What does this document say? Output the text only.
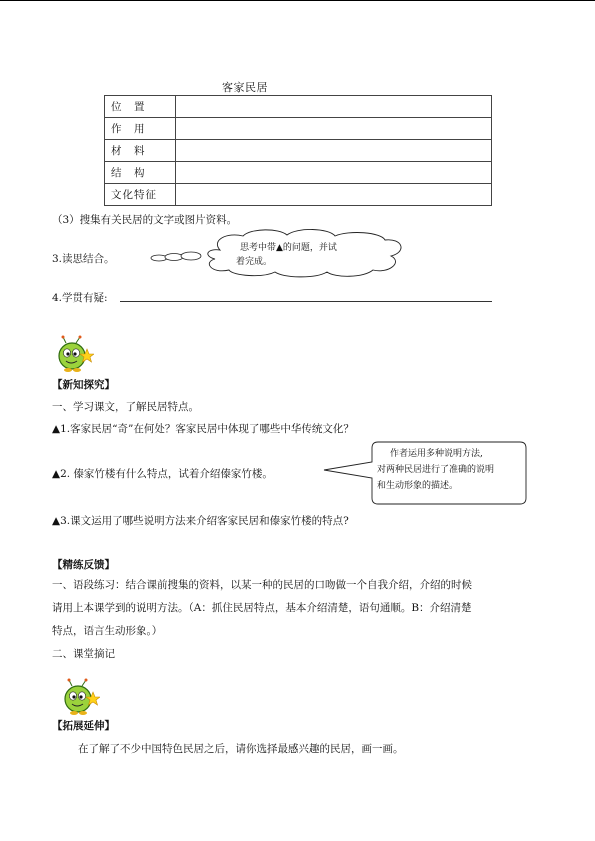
客家民居
位　置	
作　用	
材　料	
结　构	
文化特征	
（3）搜集有关民居的文字或图片资料。
3.读思结合。
思考中带▲的问题，并试
着完成。
4.学贯有疑:
【新知探究】
一、学习课文，了解民居特点。
▲1.客家民居“奇”在何处？客家民居中体现了哪些中华传统文化？
▲2. 傣家竹楼有什么特点，试着介绍傣家竹楼。
作者运用多种说明方法,
对两种民居进行了准确的说明
和生动形象的描述。
▲3.课文运用了哪些说明方法来介绍客家民居和傣家竹楼的特点?
【精练反馈】
一、语段练习：结合课前搜集的资料，以某一种的民居的口吻做一个自我介绍，介绍的时候
请用上本课学到的说明方法。（A：抓住民居特点，基本介绍清楚，语句通顺。B：介绍清楚
特点，语言生动形象。）
二、课堂摘记
【拓展延伸】
在了解了不少中国特色民居之后，请你选择最感兴趣的民居，画一画。
